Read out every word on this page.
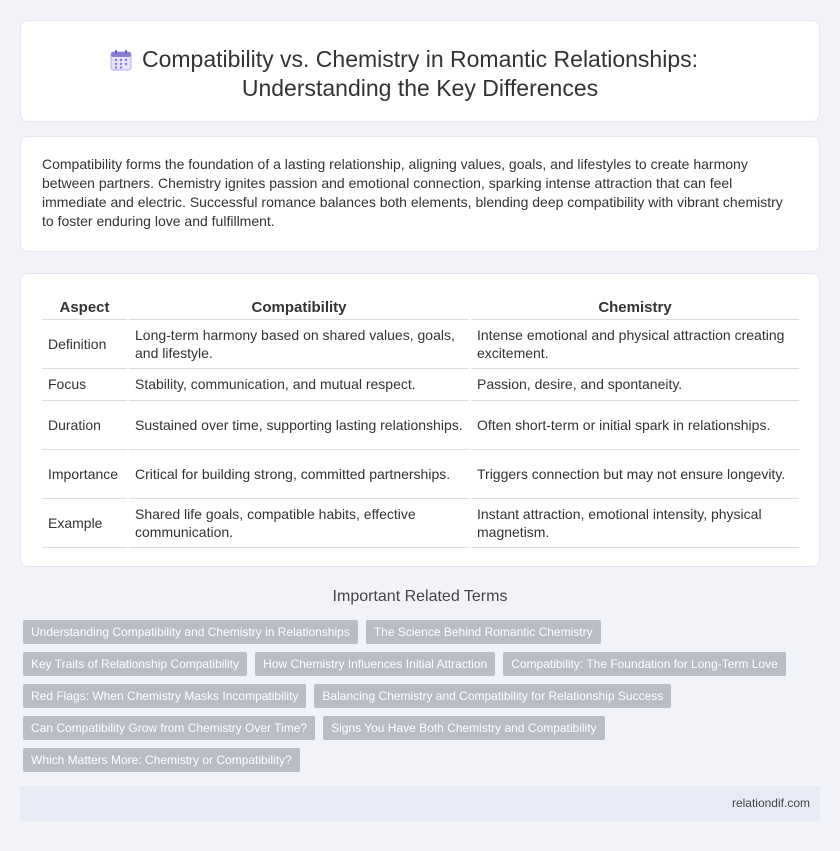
Compatibility vs. Chemistry in Romantic Relationships:
Understanding the Key Differences

Compatibility forms the foundation of a lasting relationship, aligning values, goals, and lifestyles to create harmony between partners. Chemistry ignites passion and emotional connection, sparking intense attraction that can feel immediate and electric. Successful romance balances both elements, blending deep compatibility with vibrant chemistry to foster enduring love and fulfillment.

Aspect	Compatibility	Chemistry
Definition	Long-term harmony based on shared values, goals, and lifestyle.	Intense emotional and physical attraction creating excitement.
Focus	Stability, communication, and mutual respect.	Passion, desire, and spontaneity.
Duration	Sustained over time, supporting lasting relationships.	Often short-term or initial spark in relationships.
Importance	Critical for building strong, committed partnerships.	Triggers connection but may not ensure longevity.
Example	Shared life goals, compatible habits, effective communication.	Instant attraction, emotional intensity, physical magnetism.
Important Related Terms
Understanding Compatibility and Chemistry in Relationships	The Science Behind Romantic Chemistry
Key Traits of Relationship Compatibility	How Chemistry Influences Initial Attraction	Compatibility: The Foundation for Long-Term Love
Red Flags: When Chemistry Masks Incompatibility	Balancing Chemistry and Compatibility for Relationship Success
Can Compatibility Grow from Chemistry Over Time?	Signs You Have Both Chemistry and Compatibility
Which Matters More: Chemistry or Compatibility?
relationdif.com
